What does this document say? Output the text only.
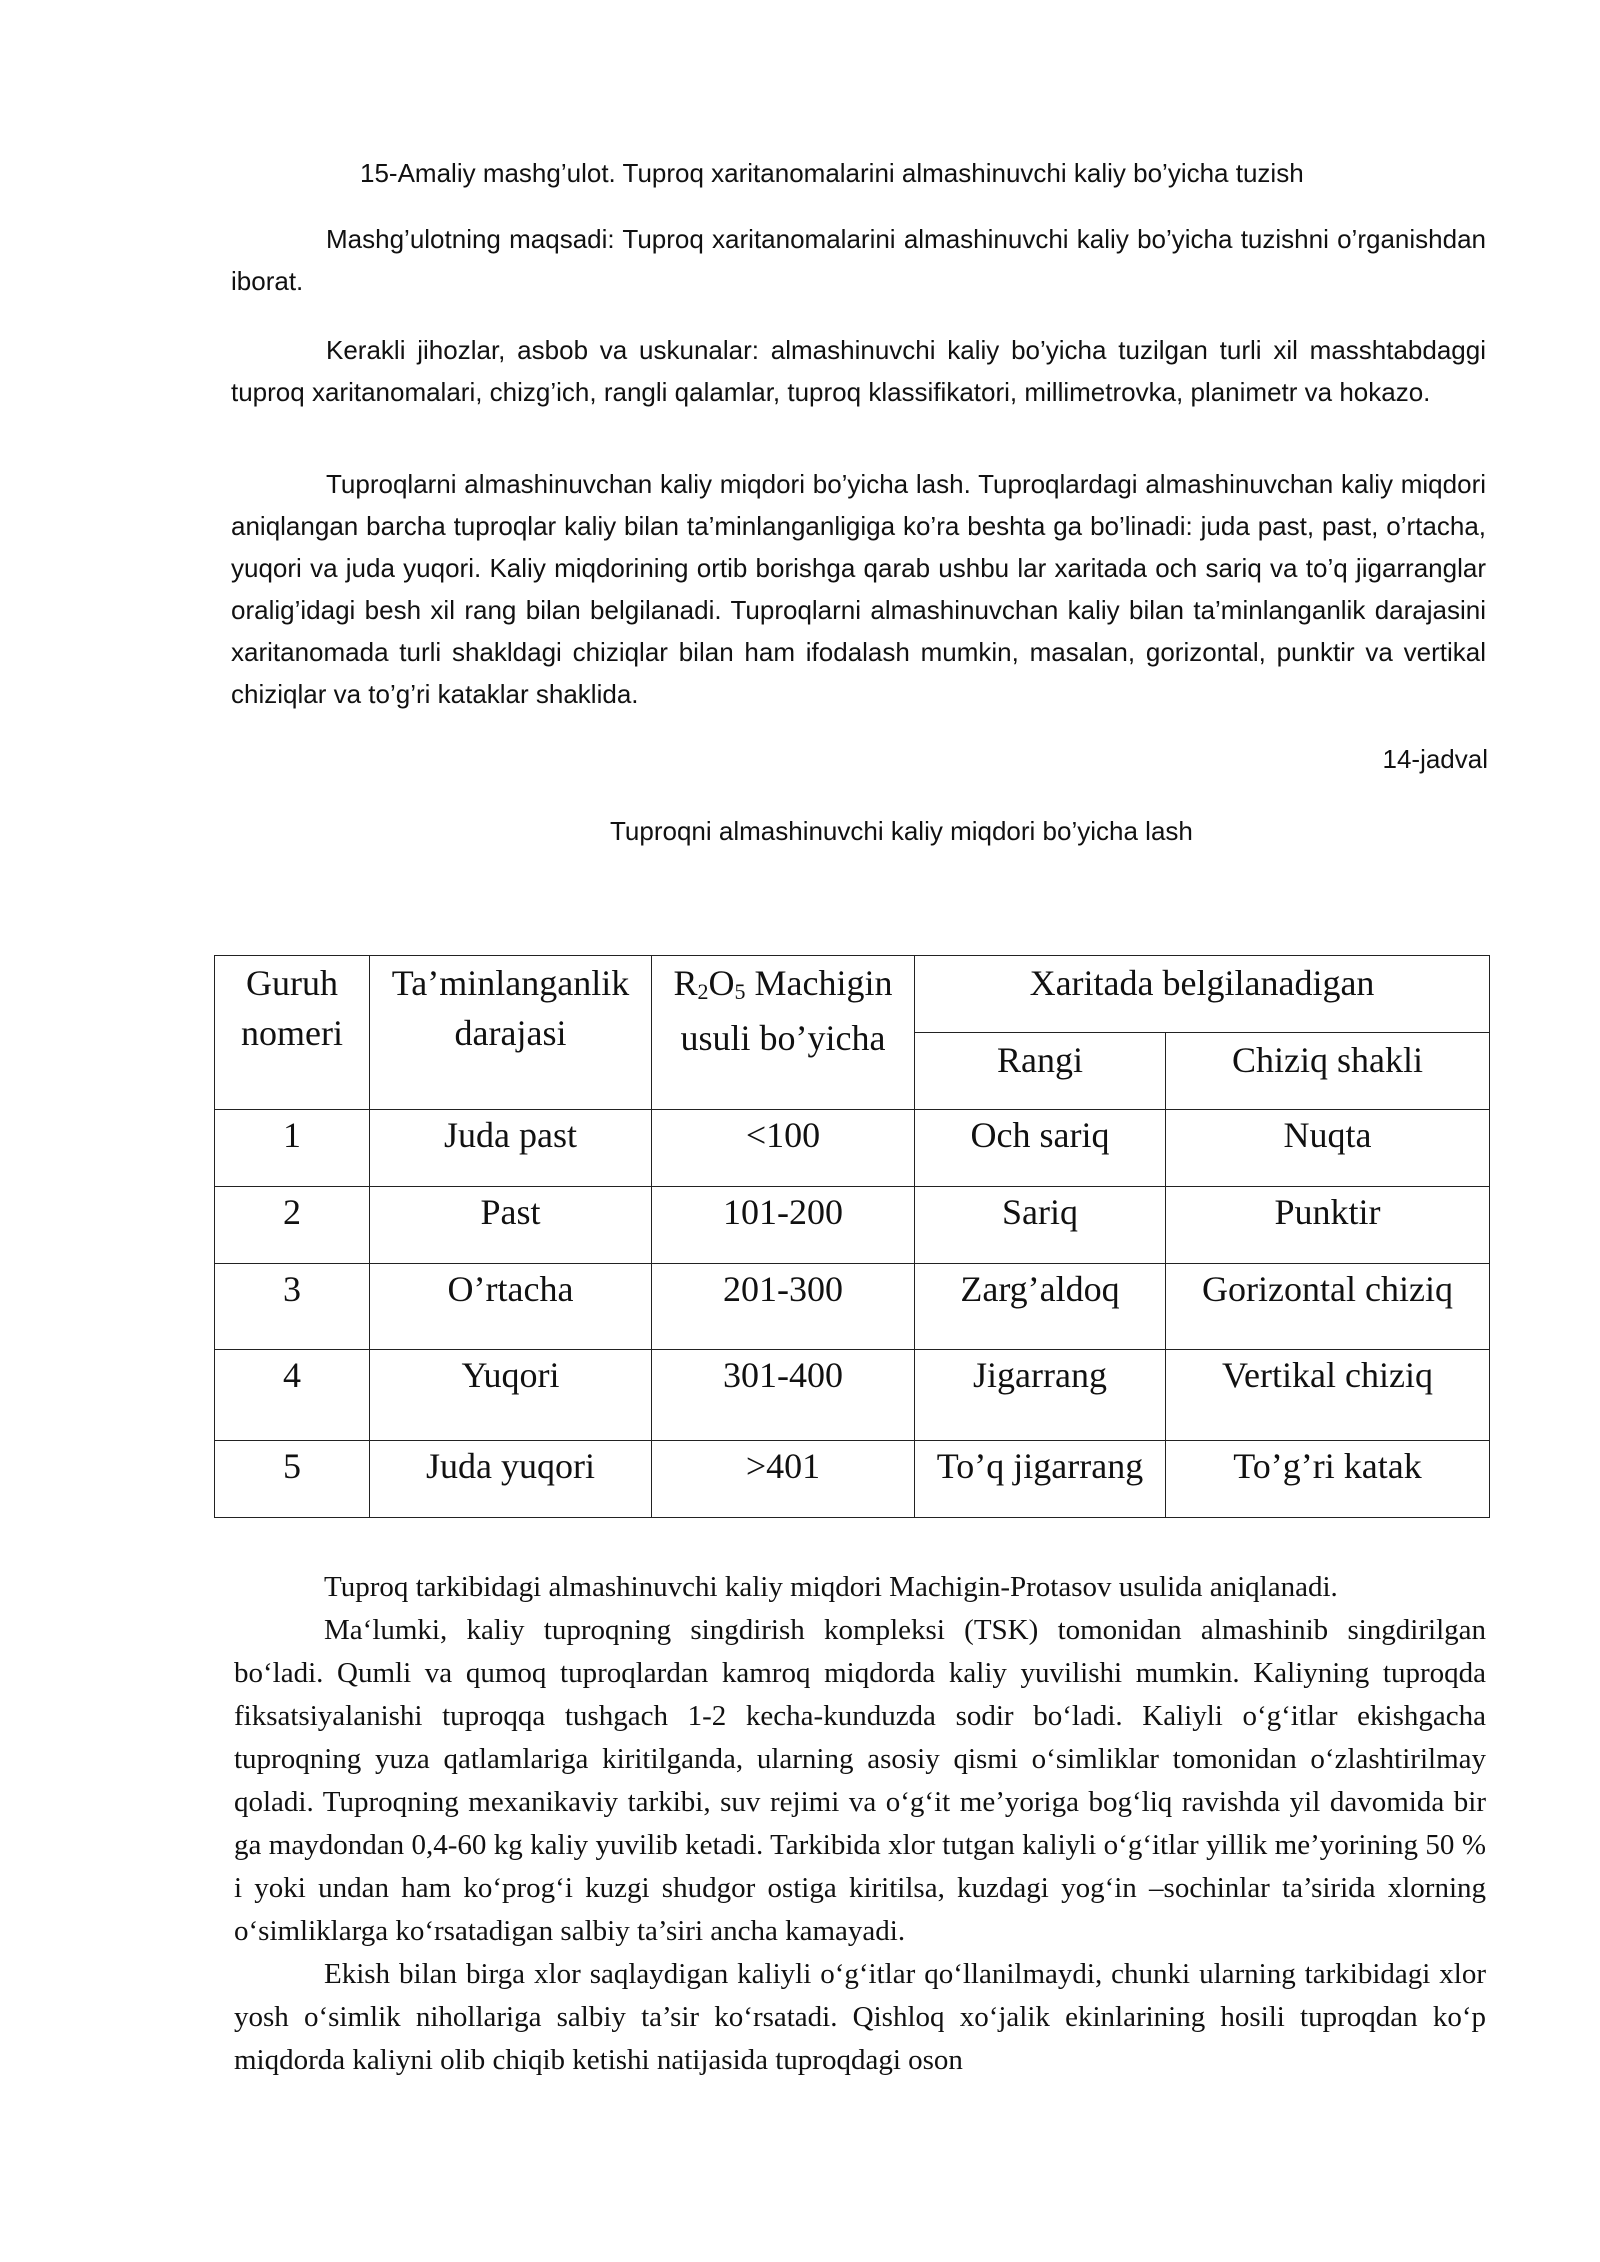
15-Amaliy mashg’ulot. Tuproq xaritanomalarini almashinuvchi kaliy bo’yicha tuzish
Mashg’ulotning maqsadi: Tuproq xaritanomalarini almashinuvchi kaliy bo’yicha tuzishni o’rganishdan iborat.
Kerakli jihozlar, asbob va uskunalar: almashinuvchi kaliy bo’yicha tuzilgan turli xil masshtabdaggi tuproq xaritanomalari, chizg’ich, rangli qalamlar, tuproq klassifikatori, millimetrovka, planimetr va hokazo.
Tuproqlarni almashinuvchan kaliy miqdori bo’yicha lash. Tuproqlardagi almashinuvchan kaliy miqdori aniqlangan barcha tuproqlar kaliy bilan ta’minlanganligiga ko’ra beshta ga bo’linadi: juda past, past, o’rtacha, yuqori va juda yuqori. Kaliy miqdorining ortib borishga qarab ushbu lar xaritada och sariq va to’q jigarranglar oralig’idagi besh xil rang bilan belgilanadi. Tuproqlarni almashinuvchan kaliy bilan ta’minlanganlik darajasini xaritanomada turli shakldagi chiziqlar bilan ham ifodalash mumkin, masalan, gorizontal, punktir va vertikal chiziqlar va to’g’ri kataklar shaklida.
14-jadval
Tuproqni almashinuvchi kaliy miqdori bo’yicha lash
Guruh nomeri	Ta’minlanganlik darajasi	$R_2O_5$ Machigin usuli bo’yicha	Xaritada belgilanadigan	
			Rangi	Chiziq shakli
1	Juda past	<100	Och sariq	Nuqta
2	Past	101-200	Sariq	Punktir
3	O’rtacha	201-300	Zarg’aldoq	Gorizontal chiziq
4	Yuqori	301-400	Jigarrang	Vertikal chiziq
5	Juda yuqori	>401	To’q jigarrang	To’g’ri katak

Tuproq tarkibidagi almashinuvchi kaliy miqdori Machigin-Protasov usulida aniqlanadi.

Ma‘lumki, kaliy tuproqning singdirish kompleksi (TSK) tomonidan almashinib singdirilgan bo‘ladi. Qumli va qumoq tuproqlardan kamroq miqdorda kaliy yuvilishi mumkin. Kaliyning tuproqda fiksatsiyalanishi tuproqqa tushgach 1-2 kecha-kunduzda sodir bo‘ladi. Kaliyli o‘g‘itlar ekishgacha tuproqning yuza qatlamlariga kiritilganda, ularning asosiy qismi o‘simliklar tomonidan o‘zlashtirilmay qoladi. Tuproqning mexanikaviy tarkibi, suv rejimi va o‘g‘it me’yoriga bog‘liq ravishda yil davomida bir ga maydondan 0,4-60 kg kaliy yuvilib ketadi. Tarkibida xlor tutgan kaliyli o‘g‘itlar yillik me’yorining 50 % i yoki undan ham ko‘prog‘i kuzgi shudgor ostiga kiritilsa, kuzdagi yog‘in –sochinlar ta’sirida xlorning o‘simliklarga ko‘rsatadigan salbiy ta’siri ancha kamayadi.

Ekish bilan birga xlor saqlaydigan kaliyli o‘g‘itlar qo‘llanilmaydi, chunki ularning tarkibidagi xlor yosh o‘simlik nihollariga salbiy ta’sir ko‘rsatadi. Qishloq xo‘jalik ekinlarining hosili tuproqdan ko‘p miqdorda kaliyni olib chiqib ketishi natijasida tuproqdagi oson
